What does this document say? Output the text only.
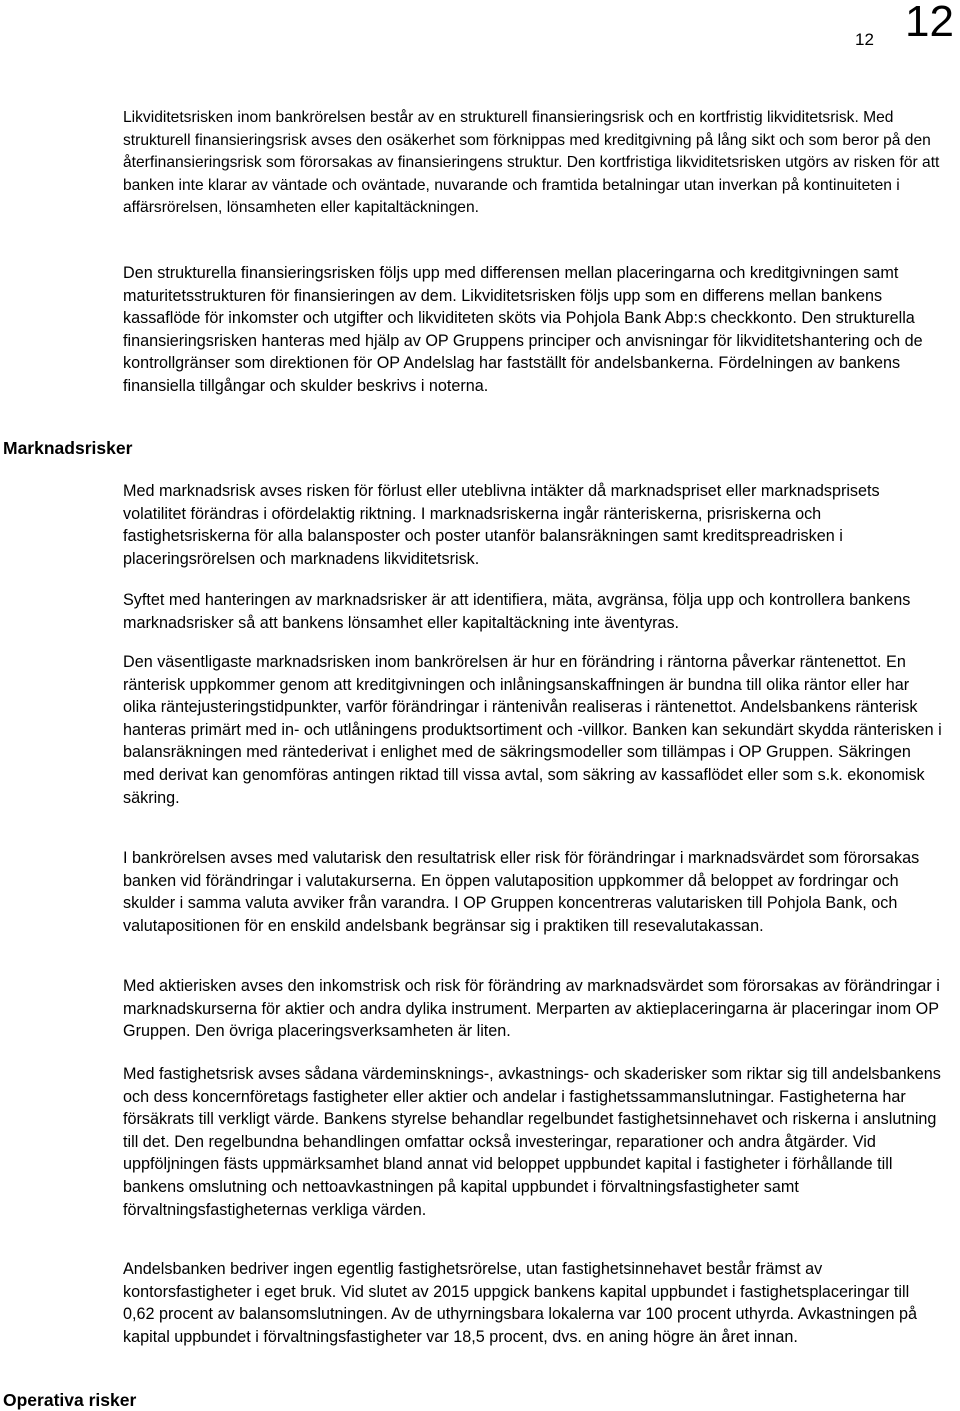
12 12

Likviditetsrisken inom bankrörelsen består av en strukturell finansieringsrisk och en kortfristig likviditetsrisk. Med strukturell finansieringsrisk avses den osäkerhet som förknippas med kreditgivning på lång sikt och som beror på den återfinansieringsrisk som förorsakas av finansieringens struktur. Den kortfristiga likviditetsrisken utgörs av risken för att banken inte klarar av väntade och oväntade, nuvarande och framtida betalningar utan inverkan på kontinuiteten i affärsrörelsen, lönsamheten eller kapitaltäckningen.

Den strukturella finansieringsrisken följs upp med differensen mellan placeringarna och kreditgivningen samt maturitetsstrukturen för finansieringen av dem. Likviditetsrisken följs upp som en differens mellan bankens kassaflöde för inkomster och utgifter och likviditeten sköts via Pohjola Bank Abp:s checkkonto. Den strukturella finansieringsrisken hanteras med hjälp av OP Gruppens principer och anvisningar för likviditetshantering och de kontrollgränser som direktionen för OP Andelslag har fastställt för andelsbankerna. Fördelningen av bankens finansiella tillgångar och skulder beskrivs i noterna.

Marknadsrisker

Med marknadsrisk avses risken för förlust eller uteblivna intäkter då marknadspriset eller marknadsprisets volatilitet förändras i ofördelaktig riktning. I marknadsriskerna ingår ränteriskerna, prisriskerna och fastighetsriskerna för alla balansposter och poster utanför balansräkningen samt kreditspreadrisken i placeringsrörelsen och marknadens likviditetsrisk.

Syftet med hanteringen av marknadsrisker är att identifiera, mäta, avgränsa, följa upp och kontrollera bankens marknadsrisker så att bankens lönsamhet eller kapitaltäckning inte äventyras.

Den väsentligaste marknadsrisken inom bankrörelsen är hur en förändring i räntorna påverkar räntenettot. En ränterisk uppkommer genom att kreditgivningen och inlåningsanskaffningen är bundna till olika räntor eller har olika räntejusteringstidpunkter, varför förändringar i räntenivån realiseras i räntenettot. Andelsbankens ränterisk hanteras primärt med in- och utlåningens produktsortiment och -villkor. Banken kan sekundärt skydda ränterisken i balansräkningen med räntederivat i enlighet med de säkringsmodeller som tillämpas i OP Gruppen. Säkringen med derivat kan genomföras antingen riktad till vissa avtal, som säkring av kassaflödet eller som s.k. ekonomisk säkring.

I bankrörelsen avses med valutarisk den resultatrisk eller risk för förändringar i marknadsvärdet som förorsakas banken vid förändringar i valutakurserna. En öppen valutaposition uppkommer då beloppet av fordringar och skulder i samma valuta avviker från varandra. I OP Gruppen koncentreras valutarisken till Pohjola Bank, och valutapositionen för en enskild andelsbank begränsar sig i praktiken till resevalutakassan.

Med aktierisken avses den inkomstrisk och risk för förändring av marknadsvärdet som förorsakas av förändringar i marknadskurserna för aktier och andra dylika instrument. Merparten av aktieplaceringarna är placeringar inom OP Gruppen. Den övriga placeringsverksamheten är liten.

Med fastighetsrisk avses sådana värdeminsknings-, avkastnings- och skaderisker som riktar sig till andelsbankens och dess koncernföretags fastigheter eller aktier och andelar i fastighetssammanslutningar. Fastigheterna har försäkrats till verkligt värde. Bankens styrelse behandlar regelbundet fastighetsinnehavet och riskerna i anslutning till det. Den regelbundna behandlingen omfattar också investeringar, reparationer och andra åtgärder. Vid uppföljningen fästs uppmärksamhet bland annat vid beloppet uppbundet kapital i fastigheter i förhållande till bankens omslutning och nettoavkastningen på kapital uppbundet i förvaltningsfastigheter samt förvaltningsfastigheternas verkliga värden.

Andelsbanken bedriver ingen egentlig fastighetsrörelse, utan fastighetsinnehavet består främst av kontorsfastigheter i eget bruk. Vid slutet av 2015 uppgick bankens kapital uppbundet i fastighetsplaceringar till 0,62 procent av balansomslutningen. Av de uthyrningsbara lokalerna var 100 procent uthyrda. Avkastningen på kapital uppbundet i förvaltningsfastigheter var 18,5 procent, dvs. en aning högre än året innan.

Operativa risker
